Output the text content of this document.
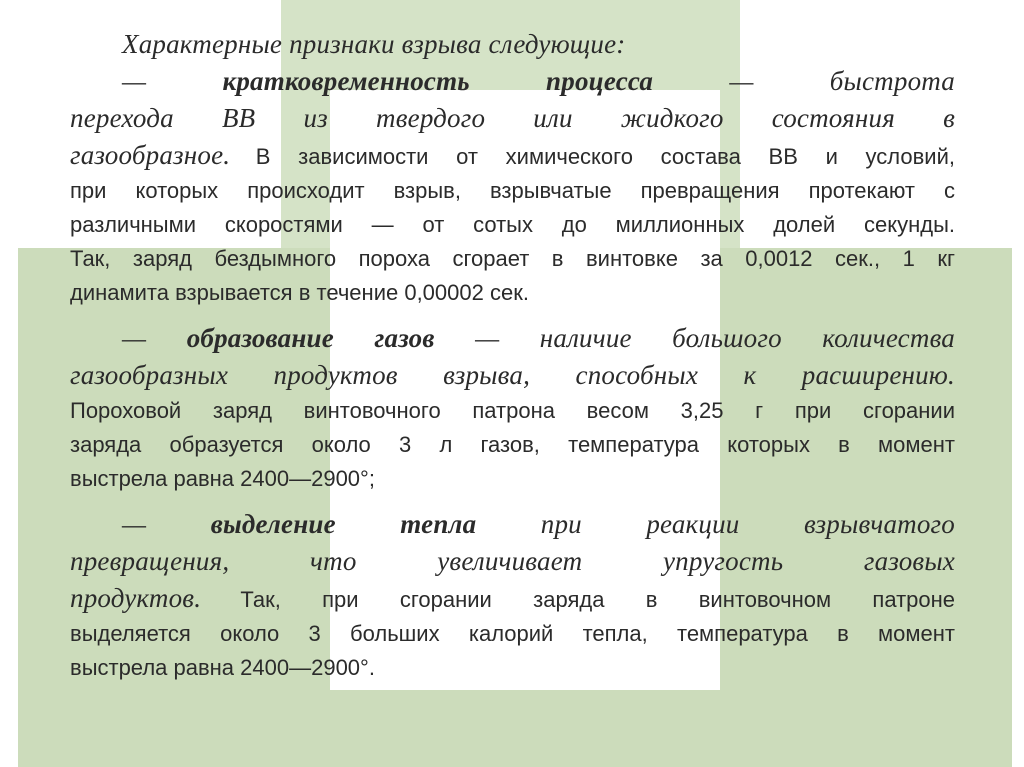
Характерные признаки взрыва следующие:
—	кратковременность процесса	— быстрота
перехода ВВ из твердого или жидкого состояния в
газообразное. В зависимости от химического состава ВВ и условий,
при которых происходит взрыв, взрывчатые превращения протекают с
различными скоростями — от сотых до миллионных долей секунды.
Так, заряд бездымного пороха сгорает в винтовке за 0,0012 сек., 1 кг
динамита взрывается в течение 0,00002 сек.
— образование газов — наличие большого количества
газообразных продуктов взрыва, способных к расширению.
Пороховой заряд винтовочного патрона весом 3,25 г при сгорании
заряда образуется около 3 л газов, температура которых в момент
выстрела равна 2400—2900°;
— выделение тепла при реакции взрывчатого
превращения, что увеличивает упругость газовых
продуктов. Так, при сгорании заряда в винтовочном патроне
выделяется около 3 больших калорий тепла, температура в момент
выстрела равна 2400—2900°.
